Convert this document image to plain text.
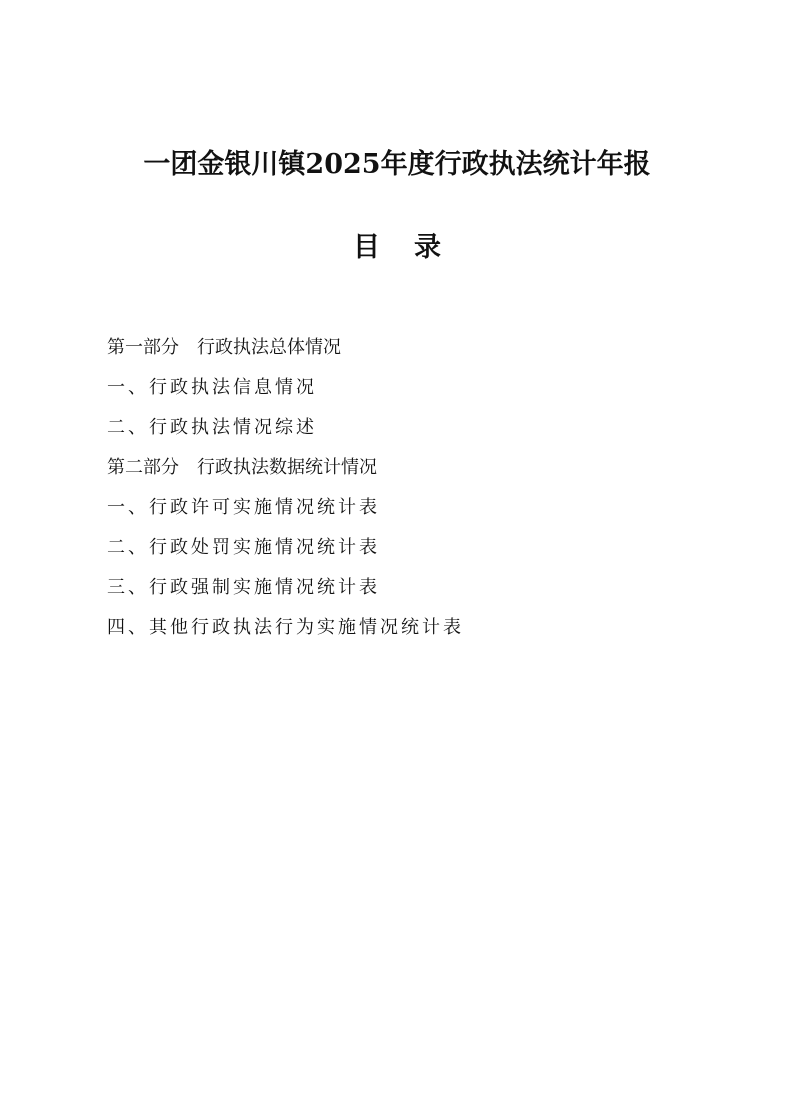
一团金银川镇2025年度行政执法统计年报
目 录
第一部分 行政执法总体情况
一、行政执法信息情况
二、行政执法情况综述
第二部分 行政执法数据统计情况
一、行政许可实施情况统计表
二、行政处罚实施情况统计表
三、行政强制实施情况统计表
四、其他行政执法行为实施情况统计表
